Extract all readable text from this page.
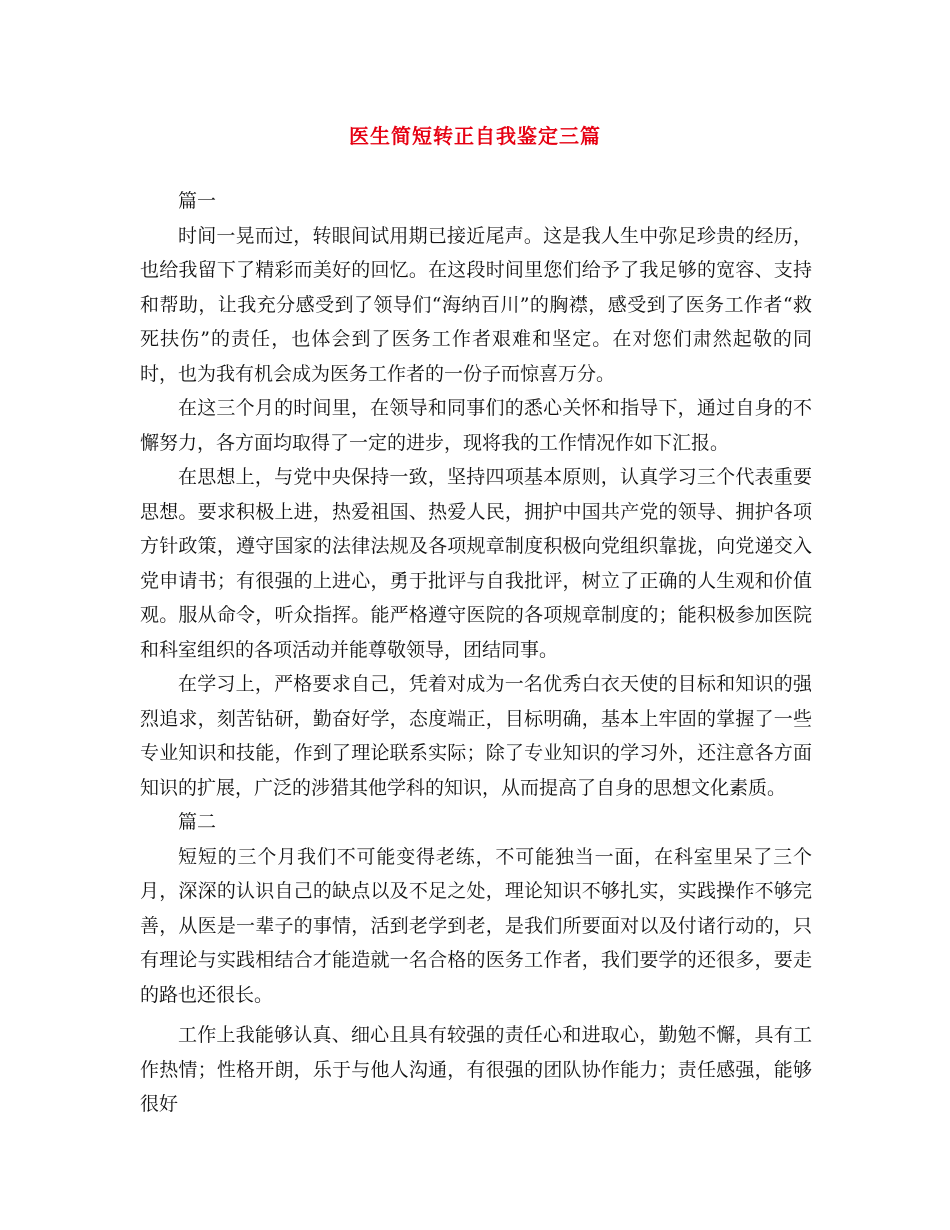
医生简短转正自我鉴定三篇

篇一

时间一晃而过，转眼间试用期已接近尾声。这是我人生中弥足珍贵的经历，也给我留下了精彩而美好的回忆。在这段时间里您们给予了我足够的宽容、支持和帮助，让我充分感受到了领导们“海纳百川”的胸襟，感受到了医务工作者“救死扶伤”的责任，也体会到了医务工作者艰难和坚定。在对您们肃然起敬的同时，也为我有机会成为医务工作者的一份子而惊喜万分。

在这三个月的时间里，在领导和同事们的悉心关怀和指导下，通过自身的不懈努力，各方面均取得了一定的进步，现将我的工作情况作如下汇报。

在思想上，与党中央保持一致，坚持四项基本原则，认真学习三个代表重要思想。要求积极上进，热爱祖国、热爱人民，拥护中国共产党的领导、拥护各项方针政策，遵守国家的法律法规及各项规章制度积极向党组织靠拢，向党递交入党申请书；有很强的上进心，勇于批评与自我批评，树立了正确的人生观和价值观。服从命令，听众指挥。能严格遵守医院的各项规章制度的；能积极参加医院和科室组织的各项活动并能尊敬领导，团结同事。

在学习上，严格要求自己，凭着对成为一名优秀白衣天使的目标和知识的强烈追求，刻苦钻研，勤奋好学，态度端正，目标明确，基本上牢固的掌握了一些专业知识和技能，作到了理论联系实际；除了专业知识的学习外，还注意各方面知识的扩展，广泛的涉猎其他学科的知识，从而提高了自身的思想文化素质。

篇二

短短的三个月我们不可能变得老练，不可能独当一面，在科室里呆了三个月，深深的认识自己的缺点以及不足之处，理论知识不够扎实，实践操作不够完善，从医是一辈子的事情，活到老学到老，是我们所要面对以及付诸行动的，只有理论与实践相结合才能造就一名合格的医务工作者，我们要学的还很多，要走的路也还很长。

工作上我能够认真、细心且具有较强的责任心和进取心，勤勉不懈，具有工作热情；性格开朗，乐于与他人沟通，有很强的团队协作能力；责任感强，能够很好
